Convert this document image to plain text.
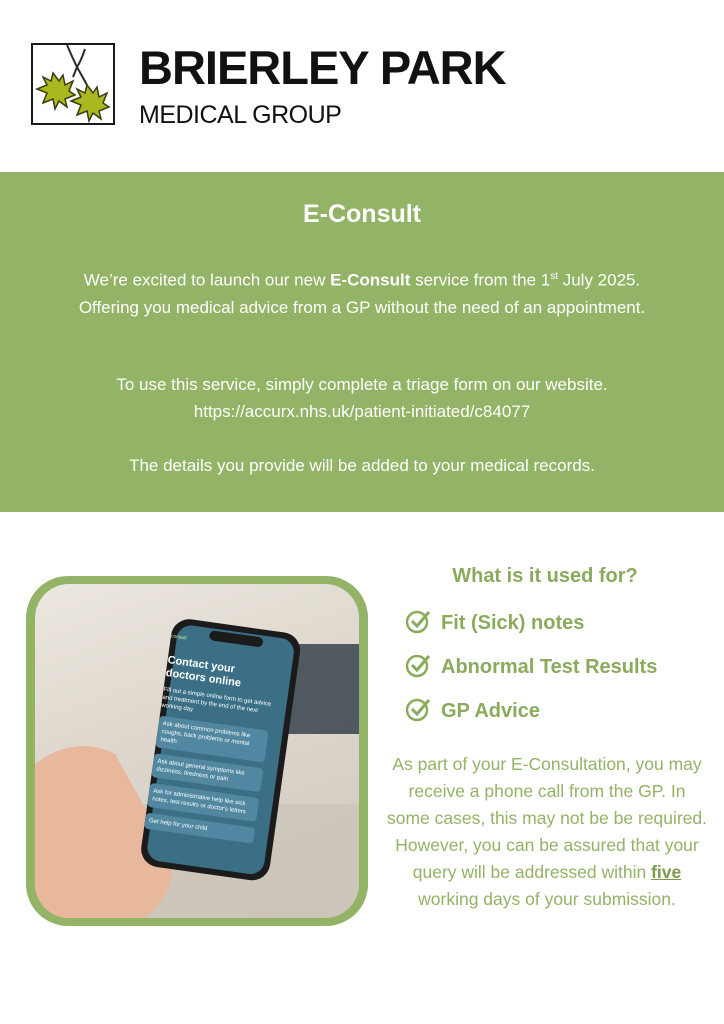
BRIERLEY PARK
MEDICAL GROUP
E-Consult
We’re excited to launch our new E-Consult service from the 1st July 2025. Offering you medical advice from a GP without the need of an appointment.
To use this service, simply complete a triage form on our website.
https://accurx.nhs.uk/patient-initiated/c84077
The details you provide will be added to your medical records.
consult
Contact your doctors online
Fill out a simple online form to get advice and treatment by the end of the next working day
Ask about common problems like coughs, back problems or mental health
Ask about general symptoms like dizziness, tiredness or pain
Ask for administrative help like sick notes, test results or doctor's letters
Get help for your child
What is it used for?
Fit (Sick) notes
Abnormal Test Results
GP Advice
As part of your E-Consultation, you may receive a phone call from the GP. In some cases, this may not be be required. However, you can be assured that your query will be addressed within five working days of your submission.
